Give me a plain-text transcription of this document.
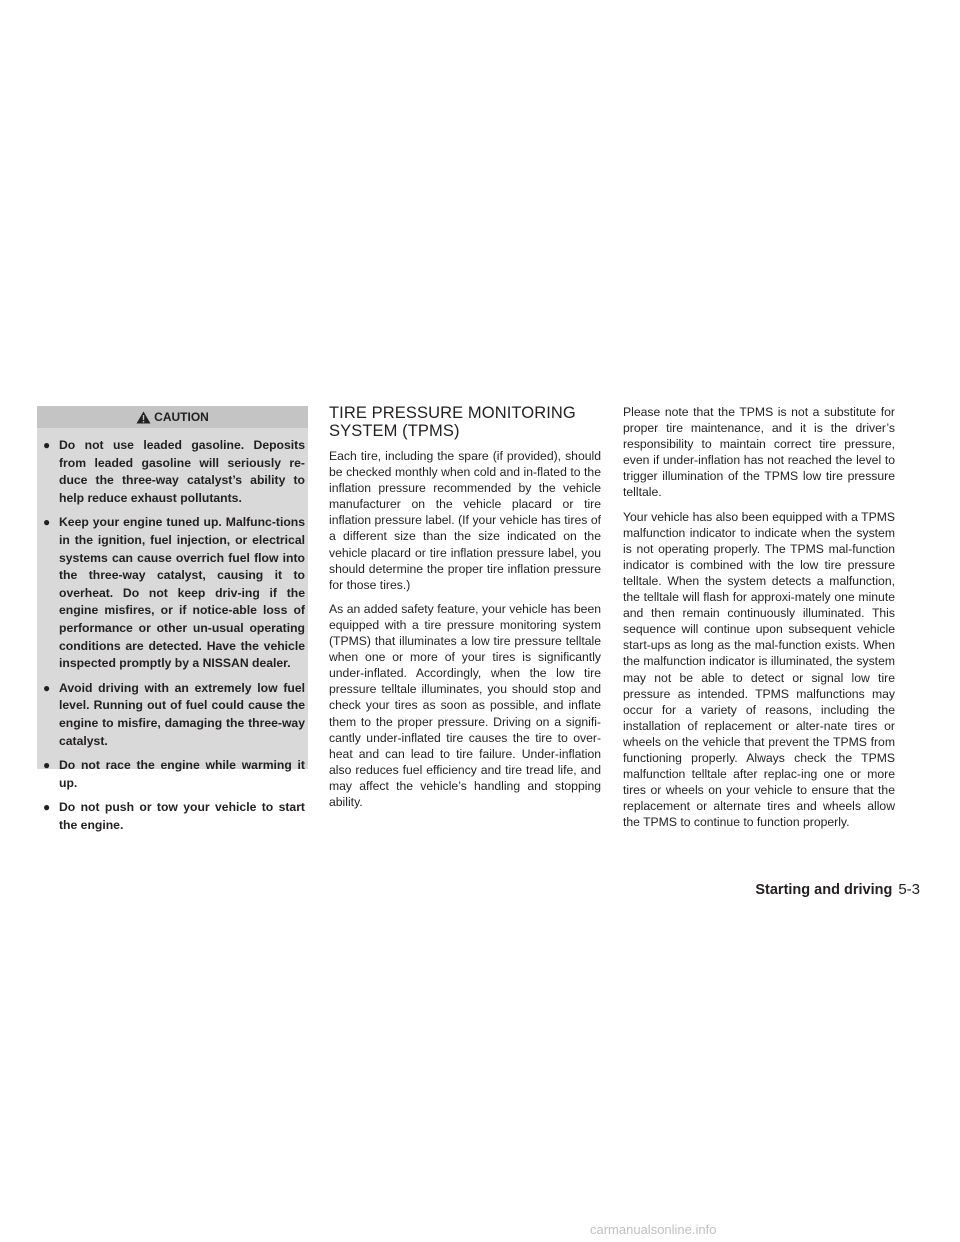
CAUTION
● Do not use leaded gasoline. Deposits from leaded gasoline will seriously re-duce the three-way catalyst’s ability to help reduce exhaust pollutants.
● Keep your engine tuned up. Malfunc-tions in the ignition, fuel injection, or electrical systems can cause overrich fuel flow into the three-way catalyst, causing it to overheat. Do not keep driv-ing if the engine misfires, or if notice-able loss of performance or other un-usual operating conditions are detected. Have the vehicle inspected promptly by a NISSAN dealer.
● Avoid driving with an extremely low fuel level. Running out of fuel could cause the engine to misfire, damaging the three-way catalyst.
● Do not race the engine while warming it up.
● Do not push or tow your vehicle to start the engine.
TIRE PRESSURE MONITORING
SYSTEM (TPMS)

Each tire, including the spare (if provided), should be checked monthly when cold and in-flated to the inflation pressure recommended by the vehicle manufacturer on the vehicle placard or tire inflation pressure label. (If your vehicle has tires of a different size than the size indicated on the vehicle placard or tire inflation pressure label, you should determine the proper tire inflation pressure for those tires.)

As an added safety feature, your vehicle has been equipped with a tire pressure monitoring system (TPMS) that illuminates a low tire pressure telltale when one or more of your tires is significantly under-inflated. Accordingly, when the low tire pressure telltale illuminates, you should stop and check your tires as soon as possible, and inflate them to the proper pressure. Driving on a signifi-cantly under-inflated tire causes the tire to over-heat and can lead to tire failure. Under-inflation also reduces fuel efficiency and tire tread life, and may affect the vehicle’s handling and stopping ability.

Please note that the TPMS is not a substitute for proper tire maintenance, and it is the driver’s responsibility to maintain correct tire pressure, even if under-inflation has not reached the level to trigger illumination of the TPMS low tire pressure telltale.

Your vehicle has also been equipped with a TPMS malfunction indicator to indicate when the system is not operating properly. The TPMS mal-function indicator is combined with the low tire pressure telltale. When the system detects a malfunction, the telltale will flash for approxi-mately one minute and then remain continuously illuminated. This sequence will continue upon subsequent vehicle start-ups as long as the mal-function exists. When the malfunction indicator is illuminated, the system may not be able to detect or signal low tire pressure as intended. TPMS malfunctions may occur for a variety of reasons, including the installation of replacement or alter-nate tires or wheels on the vehicle that prevent the TPMS from functioning properly. Always check the TPMS malfunction telltale after replac-ing one or more tires or wheels on your vehicle to ensure that the replacement or alternate tires and wheels allow the TPMS to continue to function properly.

Starting and driving 5-3
carmanualsonline.info
